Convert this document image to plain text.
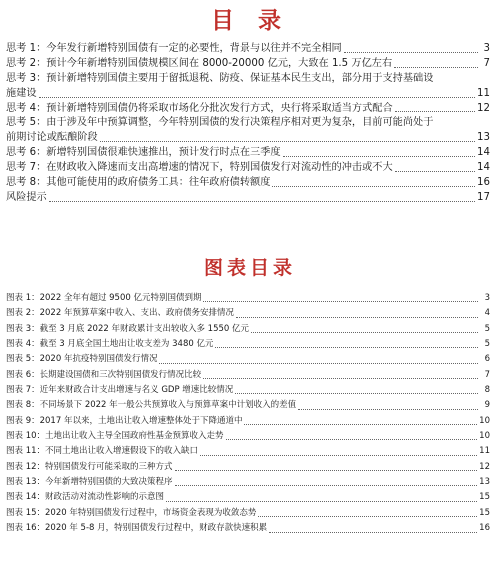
目 录
思考 1：今年发行新增特别国债有一定的必要性，背景与以往并不完全相同	3
思考 2：预计今年新增特别国债规模区间在 8000-20000 亿元，大致在 1.5 万亿左右	7
思考 3：预计新增特别国债主要用于留抵退税、防疫、保证基本民生支出，部分用于支持基础设
施建设	11
思考 4：预计新增特别国债仍将采取市场化分批次发行方式，央行将采取适当方式配合	12
思考 5：由于涉及年中预算调整，今年特别国债的发行决策程序相对更为复杂，目前可能尚处于
前期讨论或酝酿阶段	13
思考 6：新增特别国债很难快速推出，预计发行时点在三季度	14
思考 7：在财政收入降速而支出高增速的情况下，特别国债发行对流动性的冲击或不大	14
思考 8：其他可能使用的政府债务工具：往年政府债转额度	16
风险提示	17
图表目录
图表 1：2022 全年有超过 9500 亿元特别国债到期	3
图表 2：2022 年预算草案中收入、支出、政府债务安排情况	4
图表 3：截至 3 月底 2022 年财政累计支出较收入多 1550 亿元	5
图表 4：截至 3 月底全国土地出让收支差为 3480 亿元	5
图表 5：2020 年抗疫特别国债发行情况	6
图表 6：长期建设国债和三次特别国债发行情况比较	7
图表 7：近年来财政合计支出增速与名义 GDP 增速比较情况	8
图表 8：不同场景下 2022 年一般公共预算收入与预算草案中计划收入的差值	9
图表 9：2017 年以来，土地出让收入增速整体处于下降通道中	10
图表 10：土地出让收入主导全国政府性基金预算收入走势	10
图表 11：不同土地出让收入增速假设下的收入缺口	11
图表 12：特别国债发行可能采取的三种方式	12
图表 13：今年新增特别国债的大致决策程序	13
图表 14：财政活动对流动性影响的示意图	15
图表 15：2020 年特别国债发行过程中，市场资金表现为收敛态势	15
图表 16：2020 年 5-8 月，特别国债发行过程中，财政存款快速积累	16
